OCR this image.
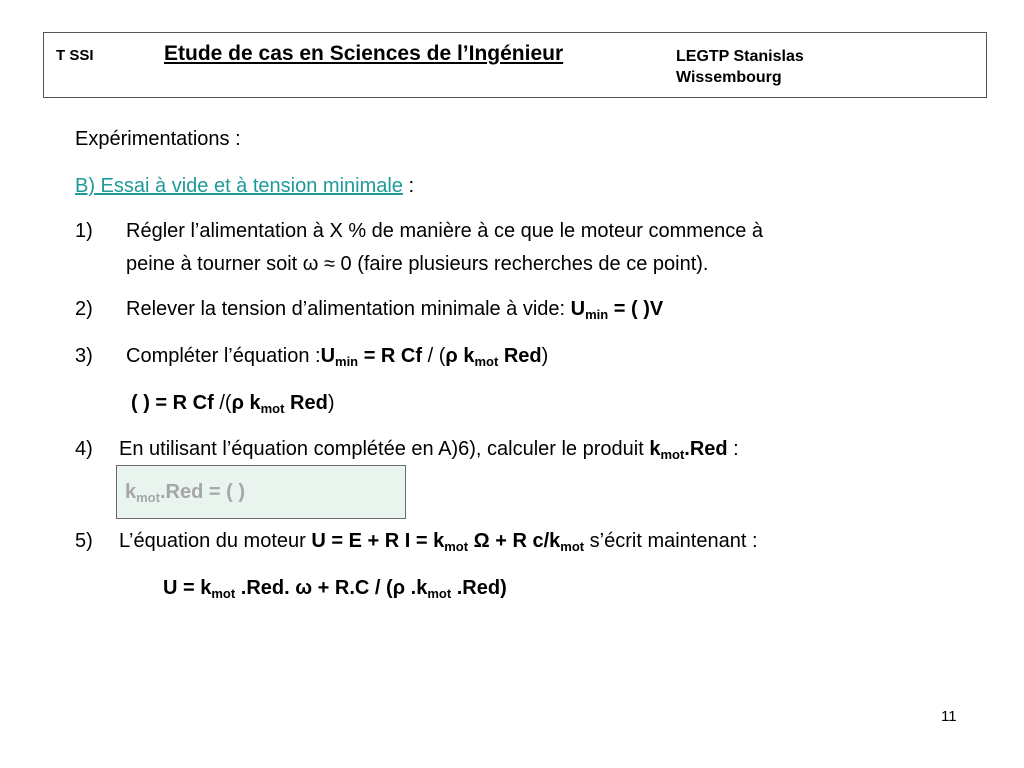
T SSI	Etude de cas en Sciences de l’Ingénieur	LEGTP Stanislas
Wissembourg
Expérimentations :
B) Essai à vide et à tension minimale :
1) Régler l’alimentation à X % de manière à ce que le moteur commence à
peine à tourner soit ω ≈ 0 (faire plusieurs recherches de ce point).
2) Relever la tension d’alimentation minimale à vide: $U_{min}$ = ( )V
3) Compléter l’équation $:U_{min} = R$ Cf / (ρ $k_{mot}$ Red)
( ) = R Cf /(ρ $k_{mot}$ Red)
4) En utilisant l’équation complétée en A)6), calculer le produit $k_{mot}.Red$ :
$k_{mot}.Red$ = ( )
5) L’équation du moteur U = E + R $I = k_{mot}$ Ω + R $c/k_{mot}$ s’écrit maintenant :
$U = k_{mot}$ .Red. ω + R.C / (ρ $.k_{mot}$ .Red)
11
